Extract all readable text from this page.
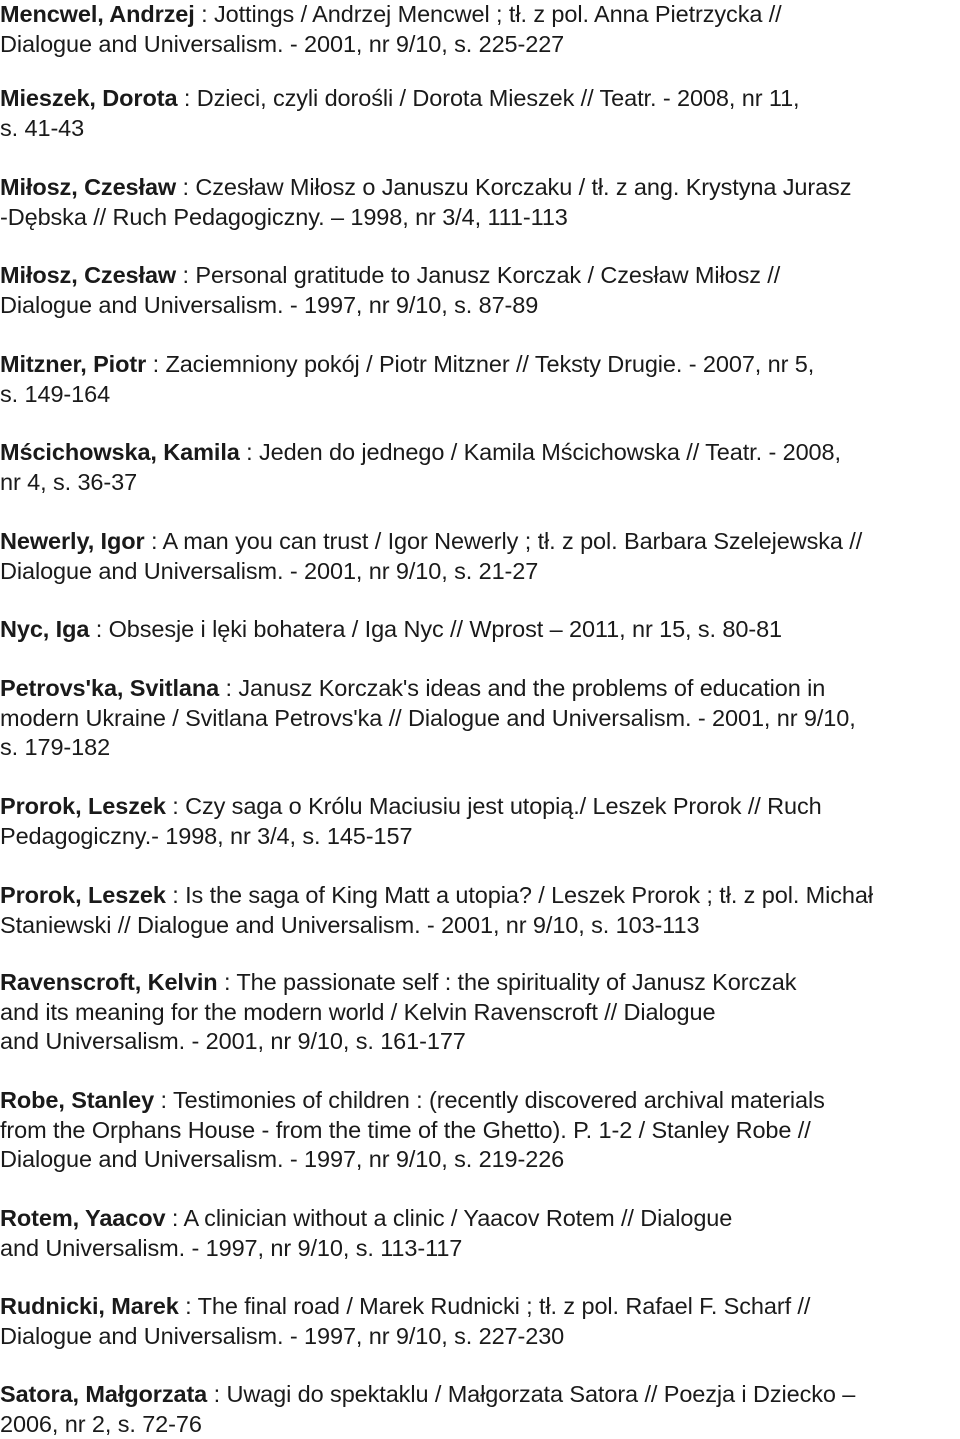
Mencwel, Andrzej : Jottings / Andrzej Mencwel ; tł. z pol. Anna Pietrzycka //
Dialogue and Universalism. - 2001, nr 9/10, s. 225-227

Mieszek, Dorota : Dzieci, czyli dorośli / Dorota Mieszek // Teatr. - 2008, nr 11,
s. 41-43

Miłosz, Czesław : Czesław Miłosz o Januszu Korczaku / tł. z ang. Krystyna Jurasz
-Dębska // Ruch Pedagogiczny. – 1998, nr 3/4, 111-113

Miłosz, Czesław : Personal gratitude to Janusz Korczak / Czesław Miłosz //
Dialogue and Universalism. - 1997, nr 9/10, s. 87-89

Mitzner, Piotr : Zaciemniony pokój / Piotr Mitzner // Teksty Drugie. - 2007, nr 5,
s. 149-164

Mścichowska, Kamila : Jeden do jednego / Kamila Mścichowska // Teatr. - 2008,
nr 4, s. 36-37

Newerly, Igor : A man you can trust / Igor Newerly ; tł. z pol. Barbara Szelejewska //
Dialogue and Universalism. - 2001, nr 9/10, s. 21-27

Nyc, Iga : Obsesje i lęki bohatera / Iga Nyc // Wprost – 2011, nr 15, s. 80-81

Petrovs'ka, Svitlana : Janusz Korczak's ideas and the problems of education in
modern Ukraine / Svitlana Petrovs'ka // Dialogue and Universalism. - 2001, nr 9/10,
s. 179-182

Prorok, Leszek : Czy saga o Królu Maciusiu jest utopią./ Leszek Prorok // Ruch
Pedagogiczny.- 1998, nr 3/4, s. 145-157

Prorok, Leszek : Is the saga of King Matt a utopia? / Leszek Prorok ; tł. z pol. Michał
Staniewski // Dialogue and Universalism. - 2001, nr 9/10, s. 103-113

Ravenscroft, Kelvin : The passionate self : the spirituality of Janusz Korczak
and its meaning for the modern world / Kelvin Ravenscroft // Dialogue
and Universalism. - 2001, nr 9/10, s. 161-177

Robe, Stanley : Testimonies of children : (recently discovered archival materials
from the Orphans House - from the time of the Ghetto). P. 1-2 / Stanley Robe //
Dialogue and Universalism. - 1997, nr 9/10, s. 219-226

Rotem, Yaacov : A clinician without a clinic / Yaacov Rotem // Dialogue
and Universalism. - 1997, nr 9/10, s. 113-117

Rudnicki, Marek : The final road / Marek Rudnicki ; tł. z pol. Rafael F. Scharf //
Dialogue and Universalism. - 1997, nr 9/10, s. 227-230

Satora, Małgorzata : Uwagi do spektaklu / Małgorzata Satora // Poezja i Dziecko –
2006, nr 2, s. 72-76
